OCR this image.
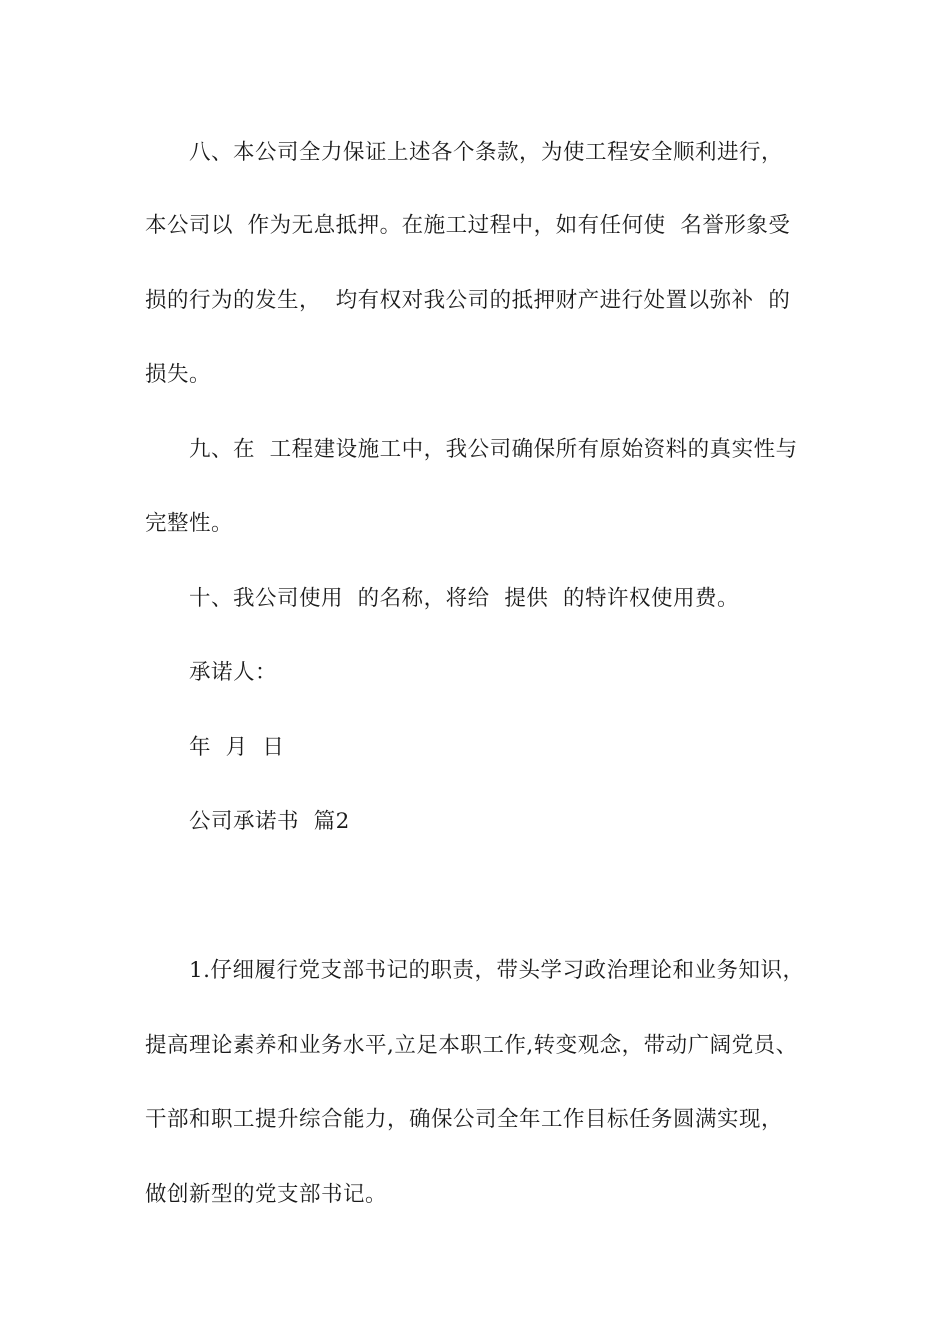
八、本公司全力保证上述各个条款，为使工程安全顺利进行，
本公司以  作为无息抵押。在施工过程中，如有任何使  名誉形象受
损的行为的发生，  均有权对我公司的抵押财产进行处置以弥补  的
损失。
九、在  工程建设施工中，我公司确保所有原始资料的真实性与
完整性。
十、我公司使用  的名称，将给  提供  的特许权使用费。
承诺人：
年  月  日
公司承诺书  篇2
1.仔细履行党支部书记的职责，带头学习政治理论和业务知识，
提高理论素养和业务水平,立足本职工作,转变观念，带动广阔党员、
干部和职工提升综合能力，确保公司全年工作目标任务圆满实现，
做创新型的党支部书记。
